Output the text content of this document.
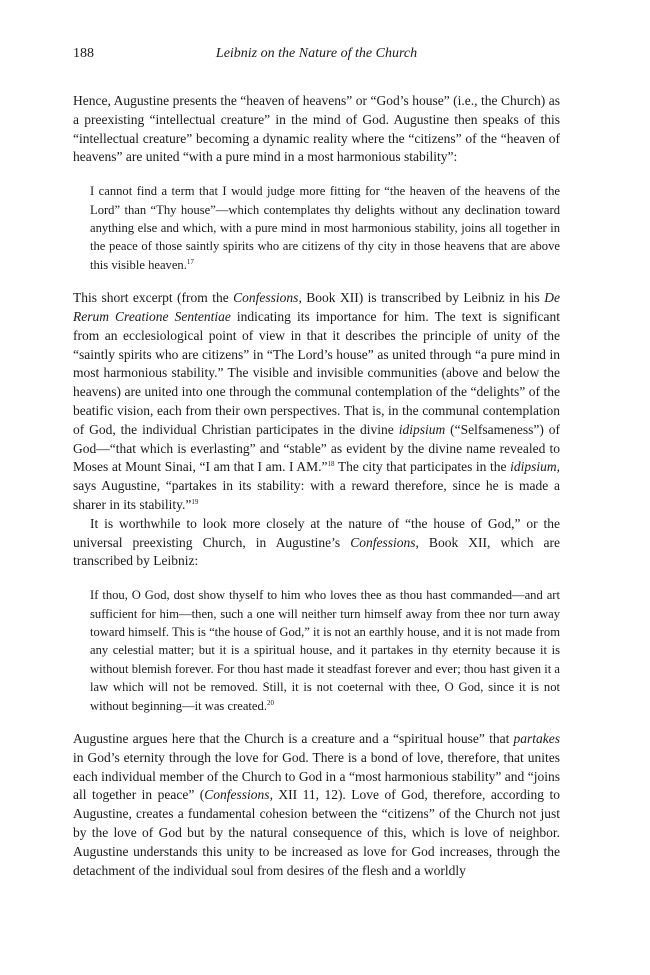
188	Leibniz on the Nature of the Church

Hence, Augustine presents the “heaven of heavens” or “God’s house” (i.e., the Church) as a preexisting “intellectual creature” in the mind of God. Augustine then speaks of this “intellectual creature” becoming a dynamic reality where the “citizens” of the “heaven of heavens” are united “with a pure mind in a most harmonious stability”:

I cannot find a term that I would judge more fitting for “the heaven of the heavens of the Lord” than “Thy house”—which contemplates thy delights without any declination toward anything else and which, with a pure mind in most harmonious stability, joins all together in the peace of those saintly spirits who are citizens of thy city in those heavens that are above this visible heaven.$^{17}$

This short excerpt (from the Confessions, Book XII) is transcribed by Leibniz in his De Rerum Creatione Sententiae indicating its importance for him. The text is significant from an ecclesiological point of view in that it describes the principle of unity of the “saintly spirits who are citizens” in “The Lord’s house” as united through “a pure mind in most harmonious stability.” The visible and invisible communities (above and below the heavens) are united into one through the communal contemplation of the “delights” of the beatific vision, each from their own perspectives. That is, in the communal contemplation of God, the individual Christian participates in the divine idipsium (“Selfsameness”) of God—“that which is everlasting” and “stable” as evident by the divine name revealed to Moses at Mount Sinai, “I am that I am. I AM.”$^{18}$ The city that participates in the idipsium, says Augustine, “partakes in its stability: with a reward therefore, since he is made a sharer in its stability.”$^{19}$

It is worthwhile to look more closely at the nature of “the house of God,” or the universal preexisting Church, in Augustine’s Confessions, Book XII, which are transcribed by Leibniz:

If thou, O God, dost show thyself to him who loves thee as thou hast commanded—and art sufficient for him—then, such a one will neither turn himself away from thee nor turn away toward himself. This is “the house of God,” it is not an earthly house, and it is not made from any celestial matter; but it is a spiritual house, and it partakes in thy eternity because it is without blemish forever. For thou hast made it steadfast forever and ever; thou hast given it a law which will not be removed. Still, it is not coeternal with thee, O God, since it is not without beginning—it was created.$^{20}$

Augustine argues here that the Church is a creature and a “spiritual house” that partakes in God’s eternity through the love for God. There is a bond of love, therefore, that unites each individual member of the Church to God in a “most harmonious stability” and “joins all together in peace” (Confessions, XII 11, 12). Love of God, therefore, according to Augustine, creates a fundamental cohesion between the “citizens” of the Church not just by the love of God but by the natural consequence of this, which is love of neighbor. Augustine understands this unity to be increased as love for God increases, through the detachment of the individual soul from desires of the flesh and a worldly
